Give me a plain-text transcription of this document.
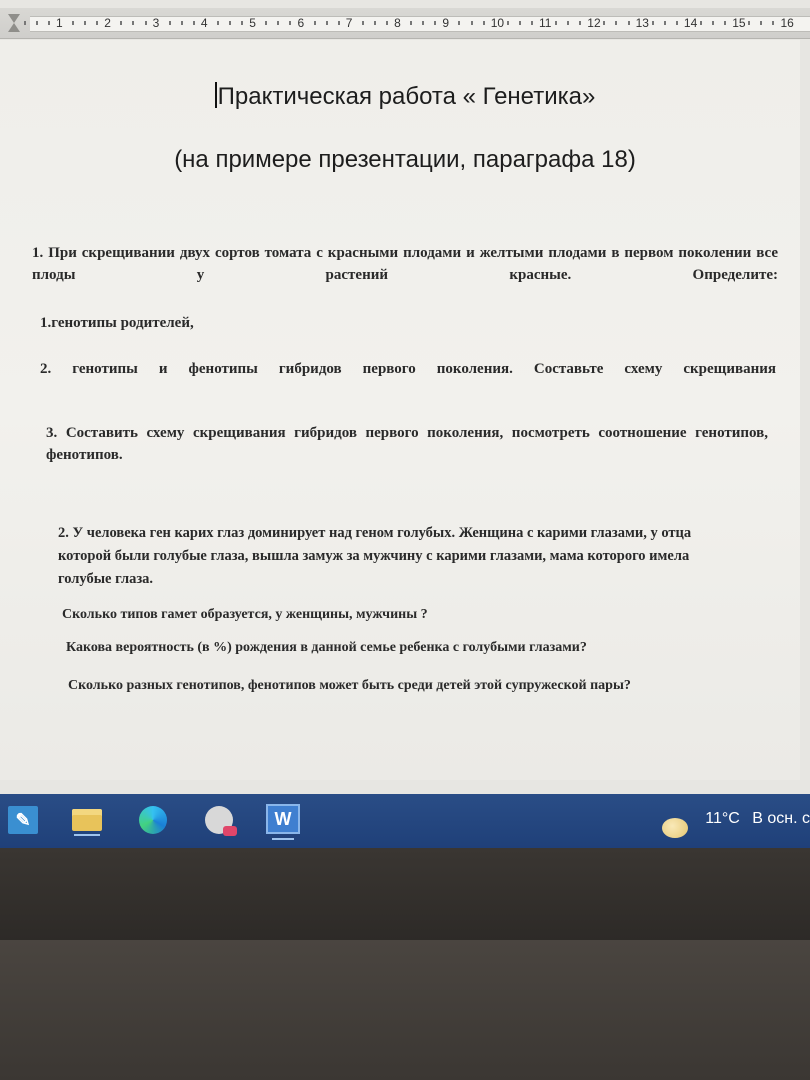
1	2	3	4	5	6	7	8	9	10	11	12	13	14	15	16
Практическая работа « Генетика»
(на примере презентации, параграфа 18)
1. При скрещивании двух сортов томата с красными плодами и желтыми плодами в первом поколении все плоды у растений красные. Определите:
1.генотипы родителей,
2. генотипы и фенотипы гибридов первого поколения. Составьте схему скрещивания
3. Составить схему скрещивания гибридов первого поколения, посмотреть соотношение генотипов, фенотипов.
2. У человека ген карих глаз доминирует над геном голубых. Женщина с карими глазами, у отца которой были голубые глаза, вышла замуж за мужчину с карими глазами, мама которого имела голубые глаза.
Сколько типов гамет образуется, у женщины, мужчины ?
Какова вероятность (в %) рождения в данной семье ребенка с голубыми глазами?
Сколько разных генотипов, фенотипов может быть среди детей этой супружеской пары?
✎	W	11°C В осн. с
